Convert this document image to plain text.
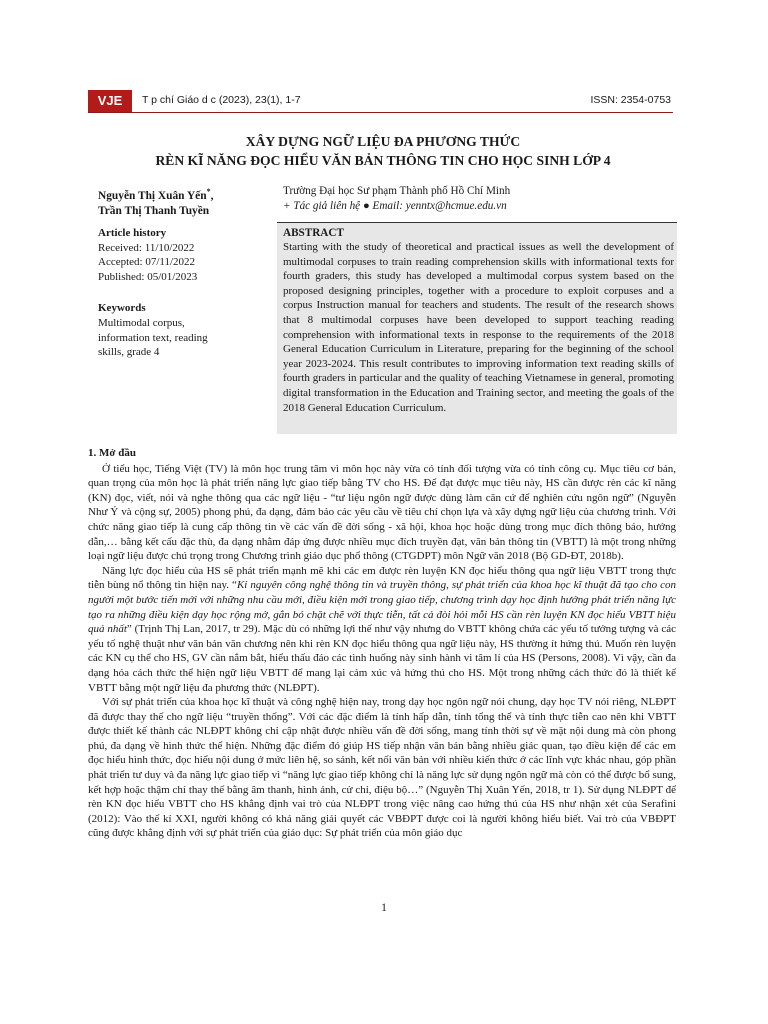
VJE	T p chí Giáo d c (2023), 23(1), 1-7	ISSN: 2354-0753
XÂY DỰNG NGỮ LIỆU ĐA PHƯƠNG THỨC
RÈN KĨ NĂNG ĐỌC HIỂU VĂN BẢN THÔNG TIN CHO HỌC SINH LỚP 4
Nguyễn Thị Xuân Yến*,
Trần Thị Thanh Tuyền
Trường Đại học Sư phạm Thành phố Hồ Chí Minh
+ Tác giả liên hệ ● Email: yenntx@hcmue.edu.vn
Article history
Received: 11/10/2022
Accepted: 07/11/2022
Published: 05/01/2023
Keywords
Multimodal corpus,
information text, reading
skills, grade 4
ABSTRACT
Starting with the study of theoretical and practical issues as well the development of multimodal corpuses to train reading comprehension skills with informational texts for fourth graders, this study has developed a multimodal corpus system based on the proposed designing principles, together with a procedure to exploit corpuses and a corpus Instruction manual for teachers and students. The result of the research shows that 8 multimodal corpuses have been developed to support teaching reading comprehension with informational texts in response to the requirements of the 2018 General Education Curriculum in Literature, preparing for the beginning of the school year 2023-2024. This result contributes to improving information text reading skills of fourth graders in particular and the quality of teaching Vietnamese in general, promoting digital transformation in the Education and Training sector, and meeting the goals of the 2018 General Education Curriculum.
1. Mở đầu

Ở tiểu học, Tiếng Việt (TV) là môn học trung tâm vì môn học này vừa có tính đối tượng vừa có tính công cụ. Mục tiêu cơ bản, quan trọng của môn học là phát triển năng lực giao tiếp bằng TV cho HS. Để đạt được mục tiêu này, HS cần được rèn các kĩ năng (KN) đọc, viết, nói và nghe thông qua các ngữ liệu - “tư liệu ngôn ngữ được dùng làm căn cứ để nghiên cứu ngôn ngữ” (Nguyễn Như Ý và cộng sự, 2005) phong phú, đa dạng, đảm bảo các yêu cầu về tiêu chí chọn lựa và xây dựng ngữ liệu của chương trình. Với chức năng giao tiếp là cung cấp thông tin về các vấn đề đời sống - xã hội, khoa học hoặc dùng trong mục đích thông báo, hướng dẫn,… bằng kết cấu đặc thù, đa dạng nhằm đáp ứng được nhiều mục đích truyền đạt, văn bản thông tin (VBTT) là một trong những loại ngữ liệu được chú trọng trong Chương trình giáo dục phổ thông (CTGDPT) môn Ngữ văn 2018 (Bộ GD-ĐT, 2018b).

Năng lực đọc hiểu của HS sẽ phát triển mạnh mẽ khi các em được rèn luyện KN đọc hiểu thông qua ngữ liệu VBTT trong thực tiễn bùng nổ thông tin hiện nay. “Kỉ nguyên công nghệ thông tin và truyền thông, sự phát triển của khoa học kĩ thuật đã tạo cho con người một bước tiến mới với những nhu cầu mới, điều kiện mới trong giao tiếp, chương trình dạy học định hướng phát triển năng lực tạo ra những điều kiện dạy học rộng mở, gắn bó chặt chẽ với thực tiễn, tất cả đòi hỏi mỗi HS cần rèn luyện KN đọc hiểu VBTT hiệu quả nhất” (Trịnh Thị Lan, 2017, tr 29). Mặc dù có những lợi thế như vậy nhưng do VBTT không chứa các yếu tố tưởng tượng và các yếu tố nghệ thuật như văn bản văn chương nên khi rèn KN đọc hiểu thông qua ngữ liệu này, HS thường ít hứng thú. Muốn rèn luyện các KN cụ thể cho HS, GV cần nắm bắt, hiểu thấu đáo các tình huống này sinh hành vi tâm lí của HS (Persons, 2008). Vì vậy, cần đa dạng hóa cách thức thể hiện ngữ liệu VBTT để mang lại cảm xúc và hứng thú cho HS. Một trong những cách thức đó là thiết kế VBTT bằng một ngữ liệu đa phương thức (NLĐPT).

Với sự phát triển của khoa học kĩ thuật và công nghệ hiện nay, trong dạy học ngôn ngữ nói chung, dạy học TV nói riêng, NLĐPT đã được thay thế cho ngữ liệu “truyền thống”. Với các đặc điểm là tính hấp dẫn, tính tổng thể và tính thực tiễn cao nên khi VBTT được thiết kế thành các NLĐPT không chỉ cập nhật được nhiều vấn đề đời sống, mang tính thời sự về mặt nội dung mà còn phong phú, đa dạng về hình thức thể hiện. Những đặc điểm đó giúp HS tiếp nhận văn bản bằng nhiều giác quan, tạo điều kiện để các em đọc hiểu hình thức, đọc hiểu nội dung ở mức liên hệ, so sánh, kết nối văn bản với nhiều kiến thức ở các lĩnh vực khác nhau, góp phần phát triển tư duy và đa năng lực giao tiếp vì “năng lực giao tiếp không chỉ là năng lực sử dụng ngôn ngữ mà còn có thể được bổ sung, kết hợp hoặc thậm chí thay thế bằng âm thanh, hình ảnh, cử chỉ, điệu bộ…” (Nguyễn Thị Xuân Yến, 2018, tr 1). Sử dụng NLĐPT để rèn KN đọc hiểu VBTT cho HS khẳng định vai trò của NLĐPT trong việc nâng cao hứng thú của HS như nhận xét của Serafini (2012): Vào thế kỉ XXI, người không có khả năng giải quyết các VBĐPT được coi là người không hiểu biết. Vai trò của VBĐPT cũng được khẳng định với sự phát triển của giáo dục: Sự phát triển của môn giáo dục

1
